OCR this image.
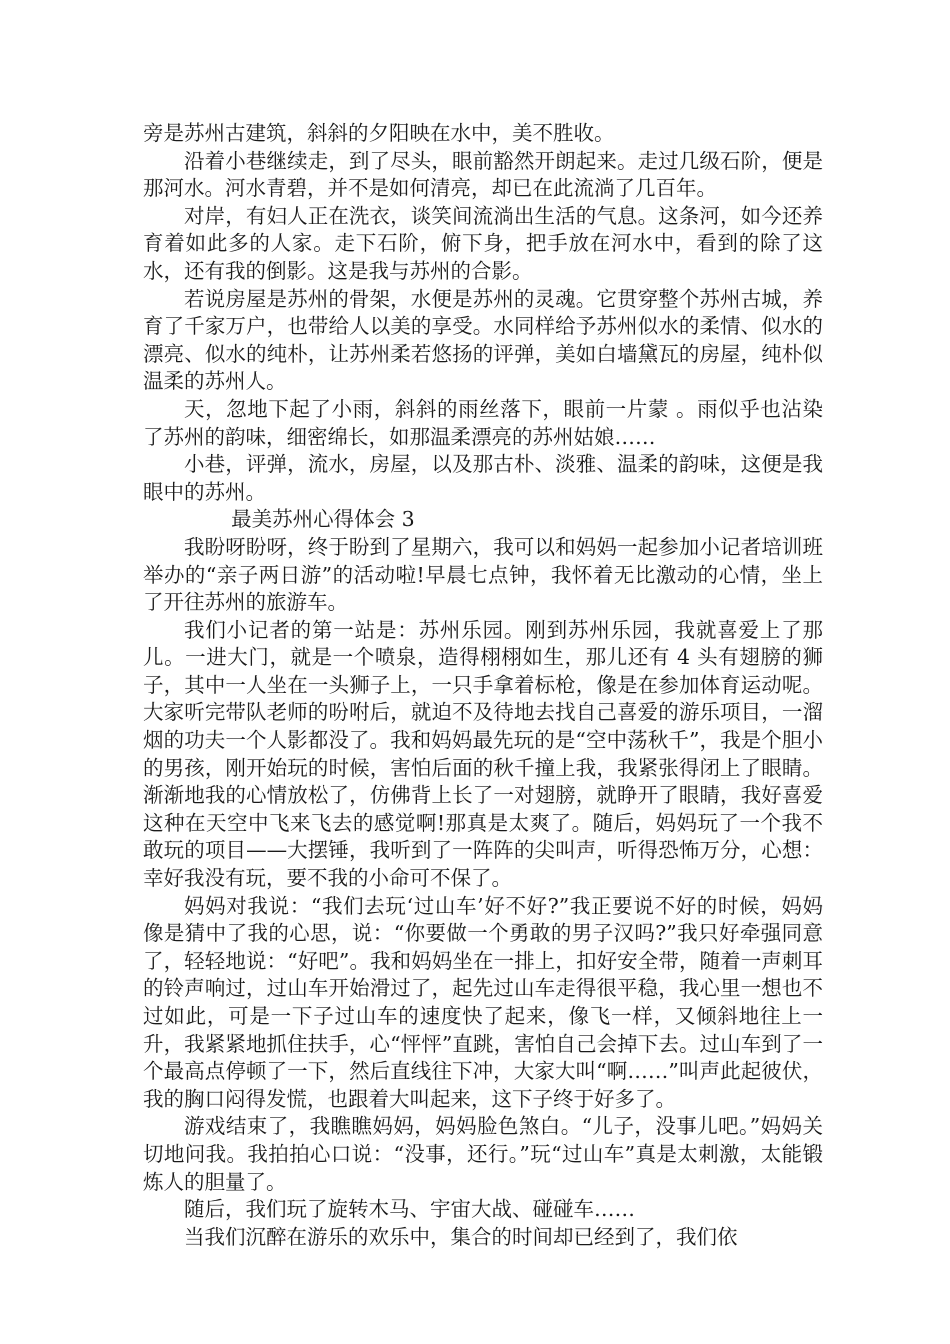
旁是苏州古建筑，斜斜的夕阳映在水中，美不胜收。

沿着小巷继续走，到了尽头，眼前豁然开朗起来。走过几级石阶，便是那河水。河水青碧，并不是如何清亮，却已在此流淌了几百年。

对岸，有妇人正在洗衣，谈笑间流淌出生活的气息。这条河，如今还养育着如此多的人家。走下石阶，俯下身，把手放在河水中，看到的除了这水，还有我的倒影。这是我与苏州的合影。

若说房屋是苏州的骨架，水便是苏州的灵魂。它贯穿整个苏州古城，养育了千家万户，也带给人以美的享受。水同样给予苏州似水的柔情、似水的漂亮、似水的纯朴，让苏州柔若悠扬的评弹，美如白墙黛瓦的房屋，纯朴似温柔的苏州人。

天，忽地下起了小雨，斜斜的雨丝落下，眼前一片蒙 。雨似乎也沾染了苏州的韵味，细密绵长，如那温柔漂亮的苏州姑娘……

小巷，评弹，流水，房屋，以及那古朴、淡雅、温柔的韵味，这便是我眼中的苏州。

最美苏州心得体会 3

我盼呀盼呀，终于盼到了星期六，我可以和妈妈一起参加小记者培训班举办的“亲子两日游”的活动啦!早晨七点钟，我怀着无比激动的心情，坐上了开往苏州的旅游车。

我们小记者的第一站是：苏州乐园。刚到苏州乐园，我就喜爱上了那儿。一进大门，就是一个喷泉，造得栩栩如生，那儿还有 4 头有翅膀的狮子，其中一人坐在一头狮子上，一只手拿着标枪，像是在参加体育运动呢。大家听完带队老师的吩咐后，就迫不及待地去找自己喜爱的游乐项目，一溜烟的功夫一个人影都没了。我和妈妈最先玩的是“空中荡秋千”，我是个胆小的男孩，刚开始玩的时候，害怕后面的秋千撞上我，我紧张得闭上了眼睛。渐渐地我的心情放松了，仿佛背上长了一对翅膀，就睁开了眼睛，我好喜爱这种在天空中飞来飞去的感觉啊!那真是太爽了。随后，妈妈玩了一个我不敢玩的项目——大摆锤，我听到了一阵阵的尖叫声，听得恐怖万分，心想：幸好我没有玩，要不我的小命可不保了。

妈妈对我说：“我们去玩‘过山车’好不好?”我正要说不好的时候，妈妈像是猜中了我的心思，说：“你要做一个勇敢的男子汉吗?”我只好牵强同意了，轻轻地说：“好吧”。我和妈妈坐在一排上，扣好安全带，随着一声刺耳的铃声响过，过山车开始滑过了，起先过山车走得很平稳，我心里一想也不过如此，可是一下子过山车的速度快了起来，像飞一样，又倾斜地往上一升，我紧紧地抓住扶手，心“怦怦”直跳，害怕自己会掉下去。过山车到了一个最高点停顿了一下，然后直线往下冲，大家大叫“啊……”叫声此起彼伏，我的胸口闷得发慌，也跟着大叫起来，这下子终于好多了。

游戏结束了，我瞧瞧妈妈，妈妈脸色煞白。“儿子，没事儿吧。”妈妈关切地问我。我拍拍心口说：“没事，还行。”玩“过山车”真是太刺激，太能锻炼人的胆量了。

随后，我们玩了旋转木马、宇宙大战、碰碰车……

当我们沉醉在游乐的欢乐中，集合的时间却已经到了，我们依
